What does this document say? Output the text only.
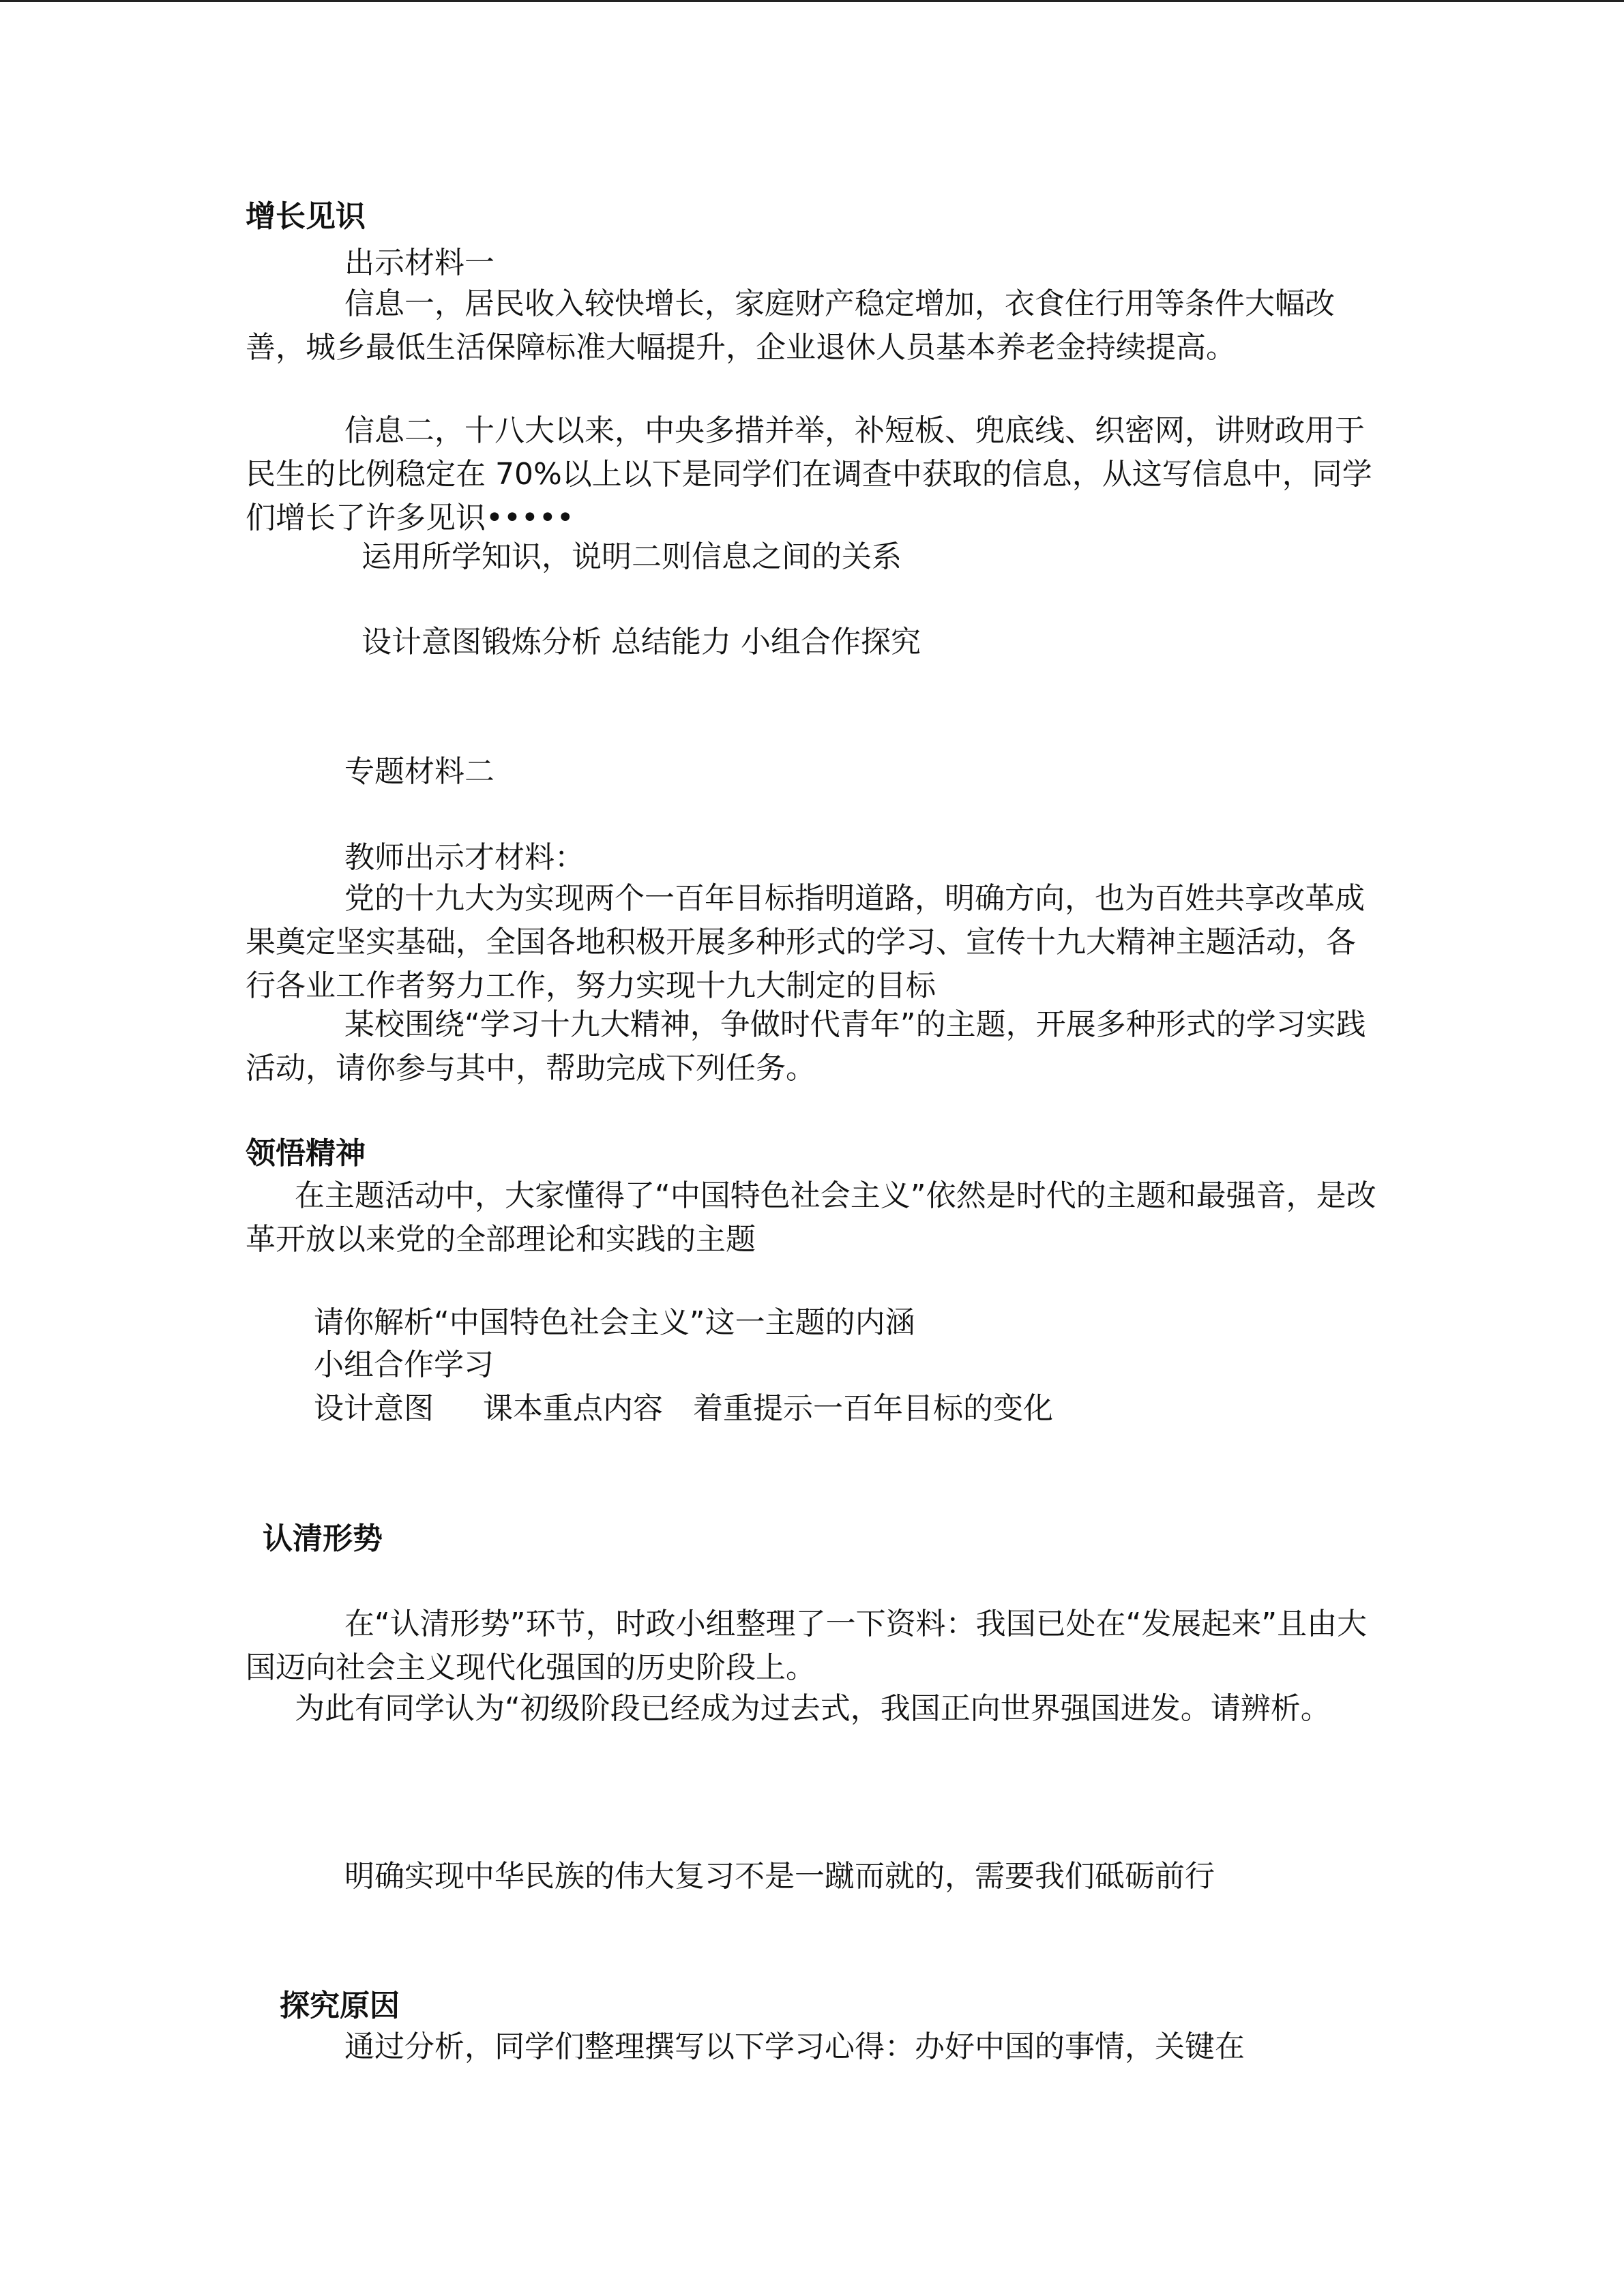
增长见识
出示材料一
信息一，居民收入较快增长，家庭财产稳定增加，衣食住行用等条件大幅改善，城乡最低生活保障标准大幅提升，企业退休人员基本养老金持续提高。
信息二，十八大以来，中央多措并举，补短板、兜底线、织密网，讲财政用于民生的比例稳定在 70%以上以下是同学们在调查中获取的信息，从这写信息中，同学们增长了许多见识•••••
运用所学知识，说明二则信息之间的关系
设计意图锻炼分析 总结能力 小组合作探究
专题材料二
教师出示才材料：
党的十九大为实现两个一百年目标指明道路，明确方向，也为百姓共享改革成果奠定坚实基础，全国各地积极开展多种形式的学习、宣传十九大精神主题活动，各行各业工作者努力工作，努力实现十九大制定的目标
某校围绕“学习十九大精神，争做时代青年”的主题，开展多种形式的学习实践活动，请你参与其中，帮助完成下列任务。
领悟精神
在主题活动中，大家懂得了“中国特色社会主义”依然是时代的主题和最强音，是改革开放以来党的全部理论和实践的主题
请你解析“中国特色社会主义”这一主题的内涵
小组合作学习
设计意图　  课本重点内容　着重提示一百年目标的变化
认清形势
在“认清形势”环节，时政小组整理了一下资料：我国已处在“发展起来”且由大国迈向社会主义现代化强国的历史阶段上。
为此有同学认为“初级阶段已经成为过去式，我国正向世界强国进发。请辨析。
明确实现中华民族的伟大复习不是一蹴而就的，需要我们砥砺前行
探究原因
通过分析，同学们整理撰写以下学习心得：办好中国的事情，关键在
